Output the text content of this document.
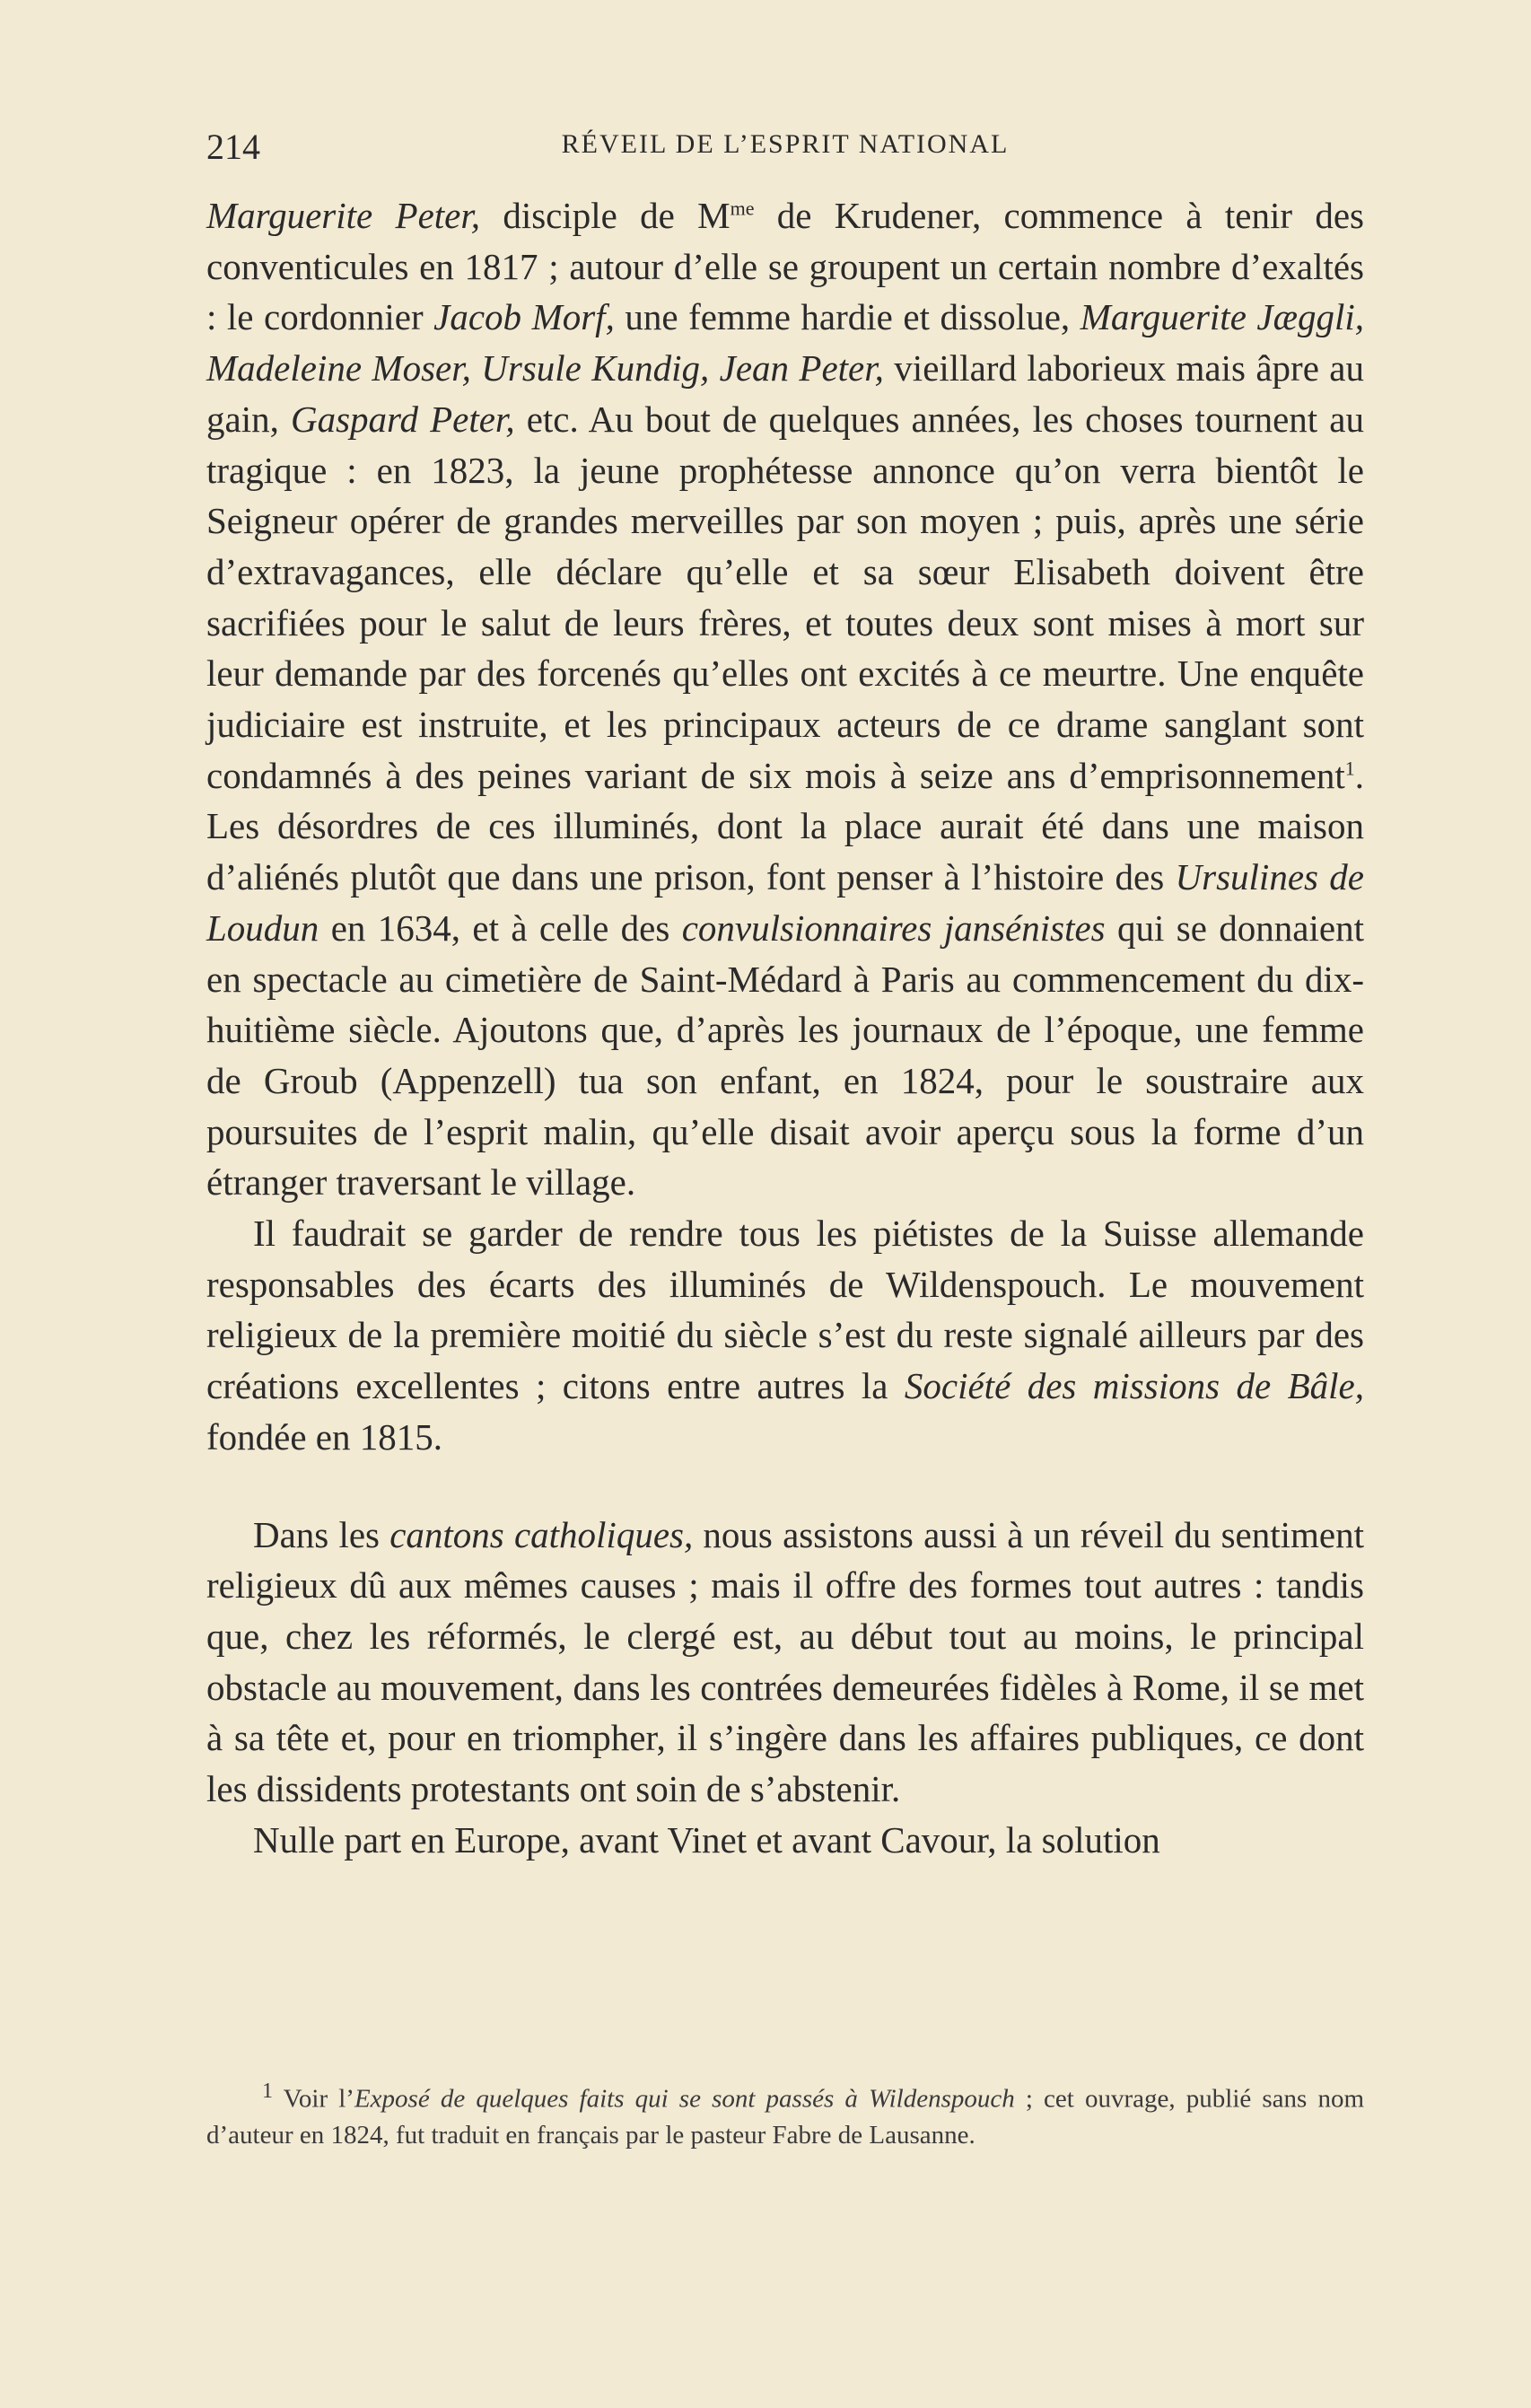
214	RÉVEIL DE L’ESPRIT NATIONAL

Marguerite Peter, disciple de $M^{me}$ de Krudener, commence à tenir des conventicules en 1817 ; autour d’elle se groupent un certain nombre d’exaltés : le cordonnier Jacob Morf, une femme hardie et dissolue, Marguerite Jæggli, Madeleine Moser, Ursule Kundig, Jean Peter, vieillard laborieux mais âpre au gain, Gaspard Peter, etc. Au bout de quelques années, les choses tournent au tragique : en 1823, la jeune prophétesse annonce qu’on verra bientôt le Seigneur opérer de grandes merveilles par son moyen ; puis, après une série d’extravagances, elle déclare qu’elle et sa sœur Elisabeth doivent être sacrifiées pour le salut de leurs frères, et toutes deux sont mises à mort sur leur demande par des forcenés qu’elles ont excités à ce meurtre. Une enquête judiciaire est instruite, et les principaux acteurs de ce drame sanglant sont condamnés à des peines variant de six mois à seize ans d’emprisonnement$^1$. Les désordres de ces illuminés, dont la place aurait été dans une maison d’aliénés plutôt que dans une prison, font penser à l’histoire des Ursulines de Loudun en 1634, et à celle des convulsionnaires jansénistes qui se donnaient en spectacle au cimetière de Saint-Médard à Paris au commencement du dix-huitième siècle. Ajoutons que, d’après les journaux de l’époque, une femme de Groub (Appenzell) tua son enfant, en 1824, pour le soustraire aux poursuites de l’esprit malin, qu’elle disait avoir aperçu sous la forme d’un étranger traversant le village.

Il faudrait se garder de rendre tous les piétistes de la Suisse allemande responsables des écarts des illuminés de Wildenspouch. Le mouvement religieux de la première moitié du siècle s’est du reste signalé ailleurs par des créations excellentes ; citons entre autres la Société des missions de Bâle, fondée en 1815.

Dans les cantons catholiques, nous assistons aussi à un réveil du sentiment religieux dû aux mêmes causes ; mais il offre des formes tout autres : tandis que, chez les réformés, le clergé est, au début tout au moins, le principal obstacle au mouvement, dans les contrées demeurées fidèles à Rome, il se met à sa tête et, pour en triompher, il s’ingère dans les affaires publiques, ce dont les dissidents protestants ont soin de s’abstenir.

Nulle part en Europe, avant Vinet et avant Cavour, la solution

$^1$ Voir l’Exposé de quelques faits qui se sont passés à Wildenspouch ; cet ouvrage, publié sans nom d’auteur en 1824, fut traduit en français par le pasteur Fabre de Lausanne.
